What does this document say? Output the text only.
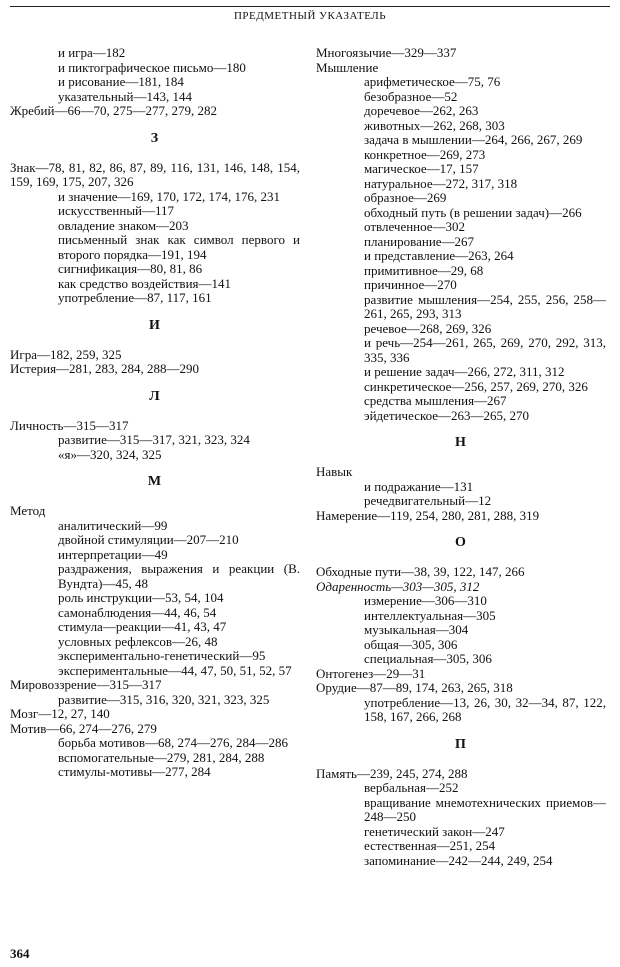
ПРЕДМЕТНЫЙ УКАЗАТЕЛЬ
и игра—182
и пиктографическое письмо—180
и рисование—181, 184
указательный—143, 144
Жребий—66—70, 275—277, 279, 282
З
Знак—78, 81, 82, 86, 87, 89, 116, 131, 146, 148, 154, 159, 169, 175, 207, 326
и значение—169, 170, 172, 174, 176, 231
искусственный—117
овладение знаком—203
письменный знак как символ первого и второго порядка—191, 194
сигнификация—80, 81, 86
как средство воздействия—141
употребление—87, 117, 161
И
Игра—182, 259, 325
Истерия—281, 283, 284, 288—290
Л
Личность—315—317
развитие—315—317, 321, 323, 324
«я»—320, 324, 325
М
Метод
аналитический—99
двойной стимуляции—207—210
интерпретации—49
раздражения, выражения и реакции (В. Вундта)—45, 48
роль инструкции—53, 54, 104
самонаблюдения—44, 46, 54
стимула—реакции—41, 43, 47
условных рефлексов—26, 48
экспериментально-генетический—95
экспериментальные—44, 47, 50, 51, 52, 57
Мировоззрение—315—317
развитие—315, 316, 320, 321, 323, 325
Мозг—12, 27, 140
Мотив—66, 274—276, 279
борьба мотивов—68, 274—276, 284—286
вспомогательные—279, 281, 284, 288
стимулы-мотивы—277, 284
Многоязычие—329—337
Мышление
арифметическое—75, 76
безобразное—52
доречевое—262, 263
животных—262, 268, 303
задача в мышлении—264, 266, 267, 269
конкретное—269, 273
магическое—17, 157
натуральное—272, 317, 318
образное—269
обходный путь (в решении задач)—266
отвлеченное—302
планирование—267
и представление—263, 264
примитивное—29, 68
причинное—270
развитие мышления—254, 255, 256, 258—261, 265, 293, 313
речевое—268, 269, 326
и речь—254—261, 265, 269, 270, 292, 313, 335, 336
и решение задач—266, 272, 311, 312
синкретическое—256, 257, 269, 270, 326
средства мышления—267
эйдетическое—263—265, 270
Н
Навык
и подражание—131
речедвигательный—12
Намерение—119, 254, 280, 281, 288, 319
О
Обходные пути—38, 39, 122, 147, 266
Одаренность—303—305, 312
измерение—306—310
интеллектуальная—305
музыкальная—304
общая—305, 306
специальная—305, 306
Онтогенез—29—31
Орудие—87—89, 174, 263, 265, 318
употребление—13, 26, 30, 32—34, 87, 122, 158, 167, 266, 268
П
Память—239, 245, 274, 288
вербальная—252
вращивание мнемотехнических приемов—248—250
генетический закон—247
естественная—251, 254
запоминание—242—244, 249, 254
364
